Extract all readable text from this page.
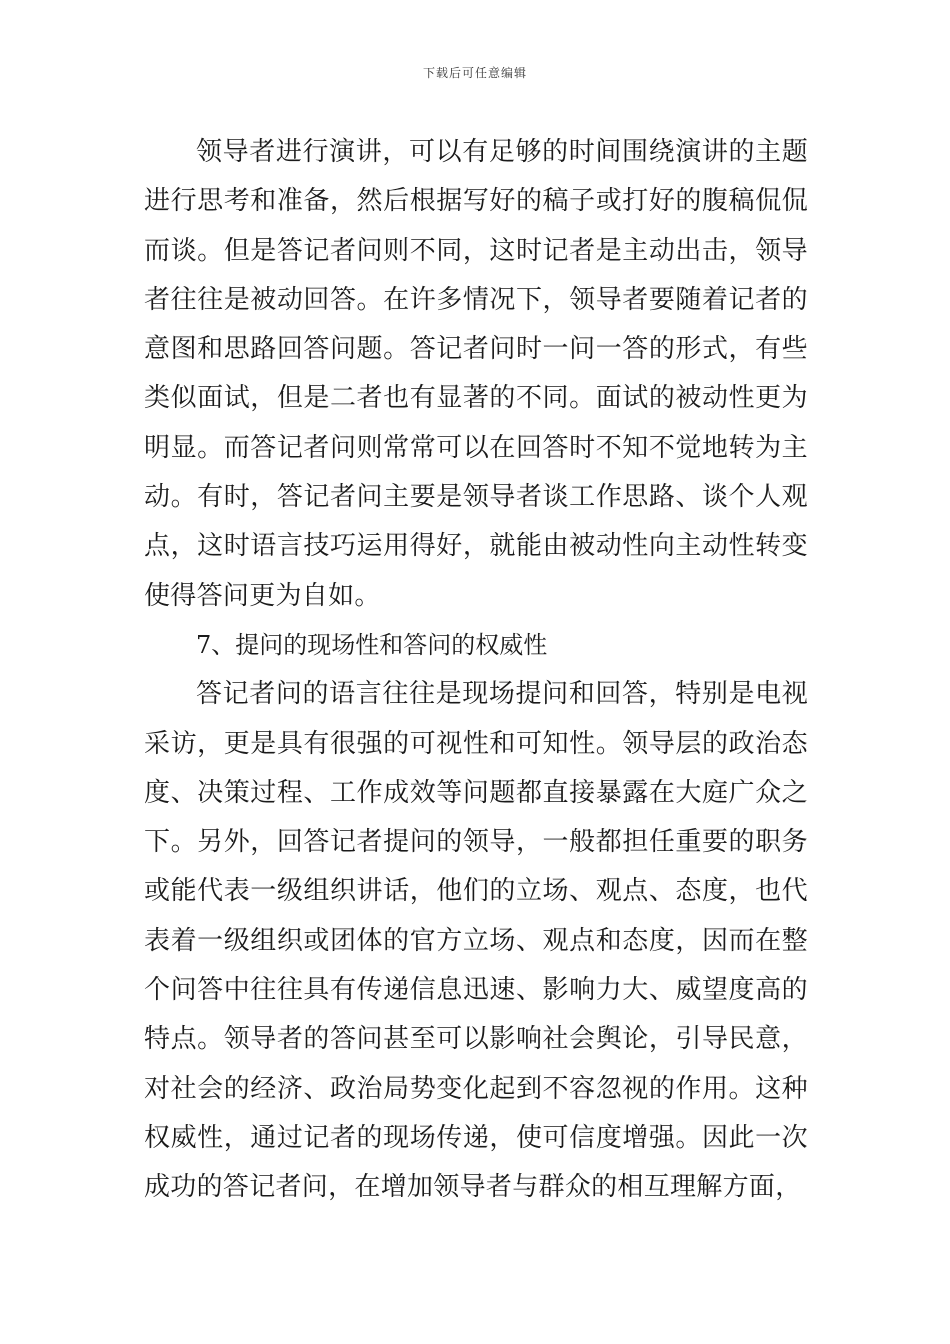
下载后可任意编辑

领导者进行演讲，可以有足够的时间围绕演讲的主题进行思考和准备，然后根据写好的稿子或打好的腹稿侃侃而谈。但是答记者问则不同，这时记者是主动出击，领导者往往是被动回答。在许多情况下，领导者要随着记者的意图和思路回答问题。答记者问时一问一答的形式，有些类似面试，但是二者也有显著的不同。面试的被动性更为明显。而答记者问则常常可以在回答时不知不觉地转为主动。有时，答记者问主要是领导者谈工作思路、谈个人观点，这时语言技巧运用得好，就能由被动性向主动性转变使得答问更为自如。

7、提问的现场性和答问的权威性

答记者问的语言往往是现场提问和回答，特别是电视采访，更是具有很强的可视性和可知性。领导层的政治态度、决策过程、工作成效等问题都直接暴露在大庭广众之下。另外，回答记者提问的领导，一般都担任重要的职务或能代表一级组织讲话，他们的立场、观点、态度，也代表着一级组织或团体的官方立场、观点和态度，因而在整个问答中往往具有传递信息迅速、影响力大、威望度高的特点。领导者的答问甚至可以影响社会舆论，引导民意，对社会的经济、政治局势变化起到不容忽视的作用。这种权威性，通过记者的现场传递，使可信度增强。因此一次成功的答记者问，在增加领导者与群众的相互理解方面，
